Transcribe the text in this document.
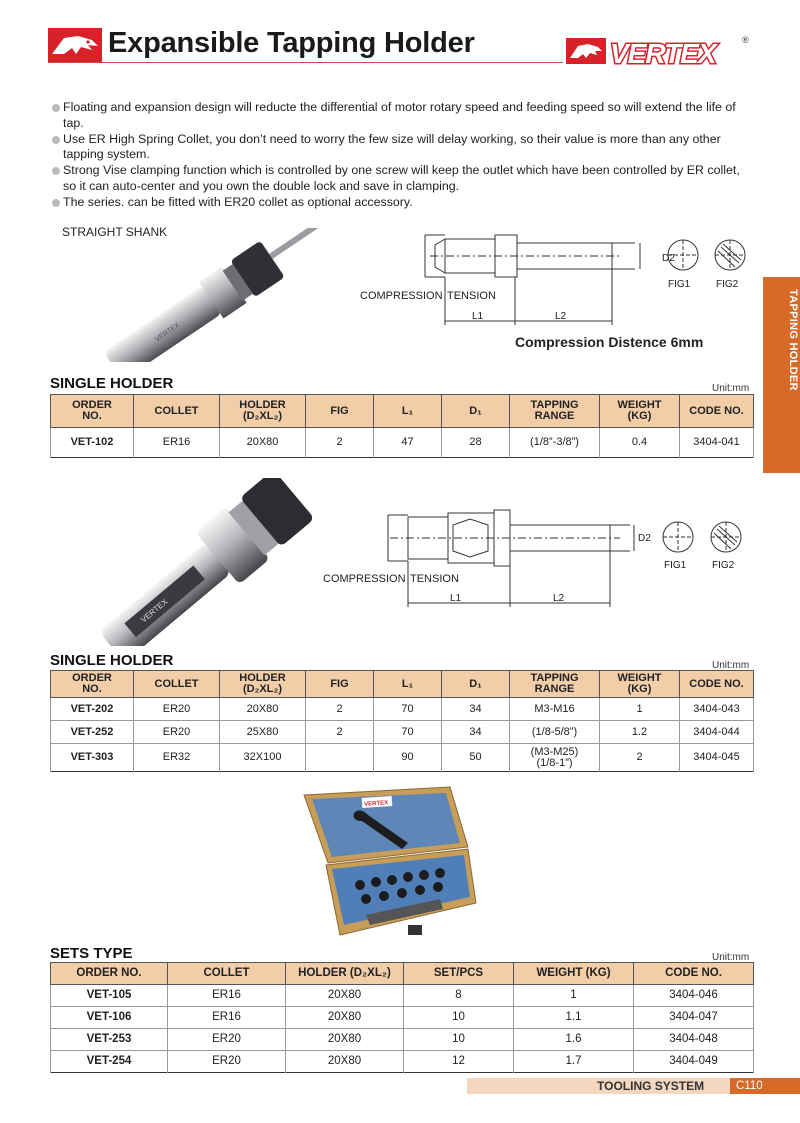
Expansible Tapping Holder	VERTEX	®
Floating and expansion design will reducte the differential of motor rotary speed and feeding speed so will extend the life of tap.
Use ER High Spring Collet, you don’t need to worry the few size will delay working, so their value is more than any other tapping system.
Strong Vise clamping function which is controlled by one screw will keep the outlet which have been controlled by ER collet, so it can auto-center and you own the double lock and save in clamping.
The series. can be fitted with ER20 collet as optional accessory.
TAPPING HOLDER
STRAIGHT SHANK
VERTEX
D2
COMPRESSION TENSION
L1	L2
FIG1	FIG2
Compression Distence 6mm
SINGLE HOLDER	Unit:mm
ORDER
NO.	COLLET	HOLDER
(D₂XL₂)	FIG	L₁	D₁	TAPPING
RANGE	WEIGHT
(KG)	CODE NO.
VET-102	ER16	20X80	2	47	28	(1/8”-3/8”)	0.4	3404-041
VERTEX
D2
COMPRESSION TENSION
L1	L2
FIG1	FIG2
SINGLE HOLDER	Unit:mm
ORDER
NO.	COLLET	HOLDER
(D₂XL₂)	FIG	L₁	D₁	TAPPING
RANGE	WEIGHT
(KG)	CODE NO.
VET-202	ER20	20X80	2	70	34	M3-M16	1	3404-043
VET-252	ER20	25X80	2	70	34	(1/8-5/8”)	1.2	3404-044
VET-303	ER32	32X100		90	50	(M3-M25)
(1/8-1”)	2	3404-045
VERTEX
SETS TYPE	Unit:mm
ORDER NO.	COLLET	HOLDER (D₂XL₂)	SET/PCS	WEIGHT (KG)	CODE NO.
VET-105	ER16	20X80	8	1	3404-046
VET-106	ER16	20X80	10	1.1	3404-047
VET-253	ER20	20X80	10	1.6	3404-048
VET-254	ER20	20X80	12	1.7	3404-049
TOOLING SYSTEM	C110
